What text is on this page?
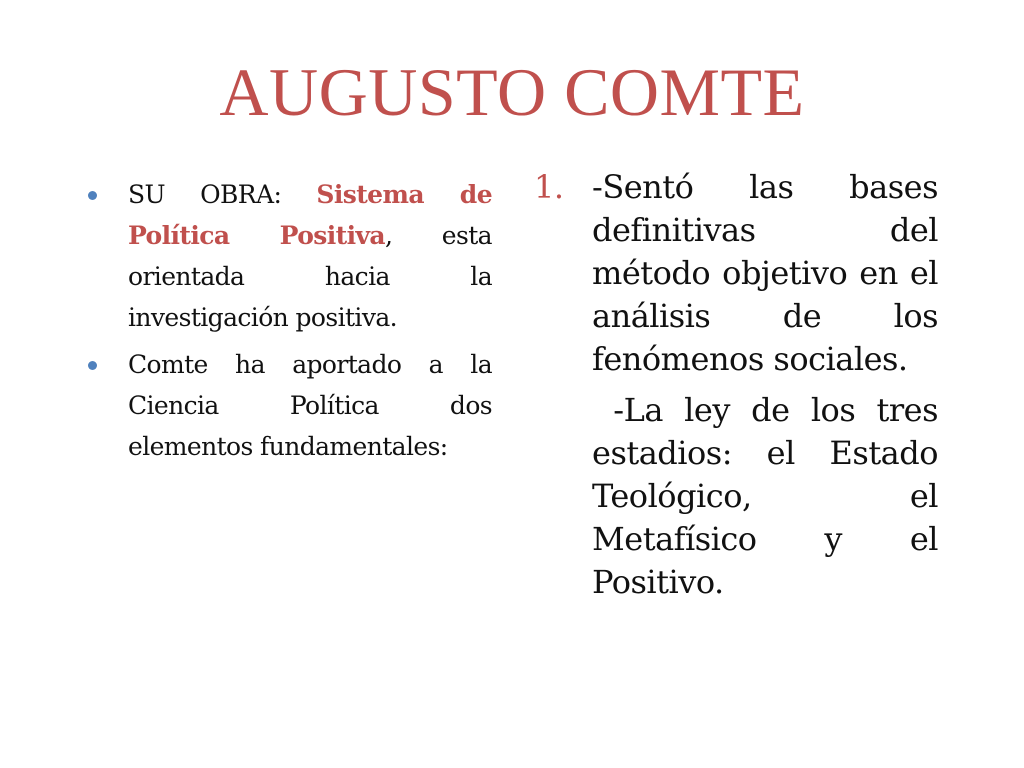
AUGUSTO COMTE
SU OBRA: Sistema de Política Positiva, esta orientada hacia la investigación positiva.
Comte ha aportado a la Ciencia Política dos elementos fundamentales:
1. -Sentó las bases definitivas del método objetivo en el análisis de los fenómenos sociales.
-La ley de los tres estadios: el Estado Teológico, el Metafísico y el Positivo.
